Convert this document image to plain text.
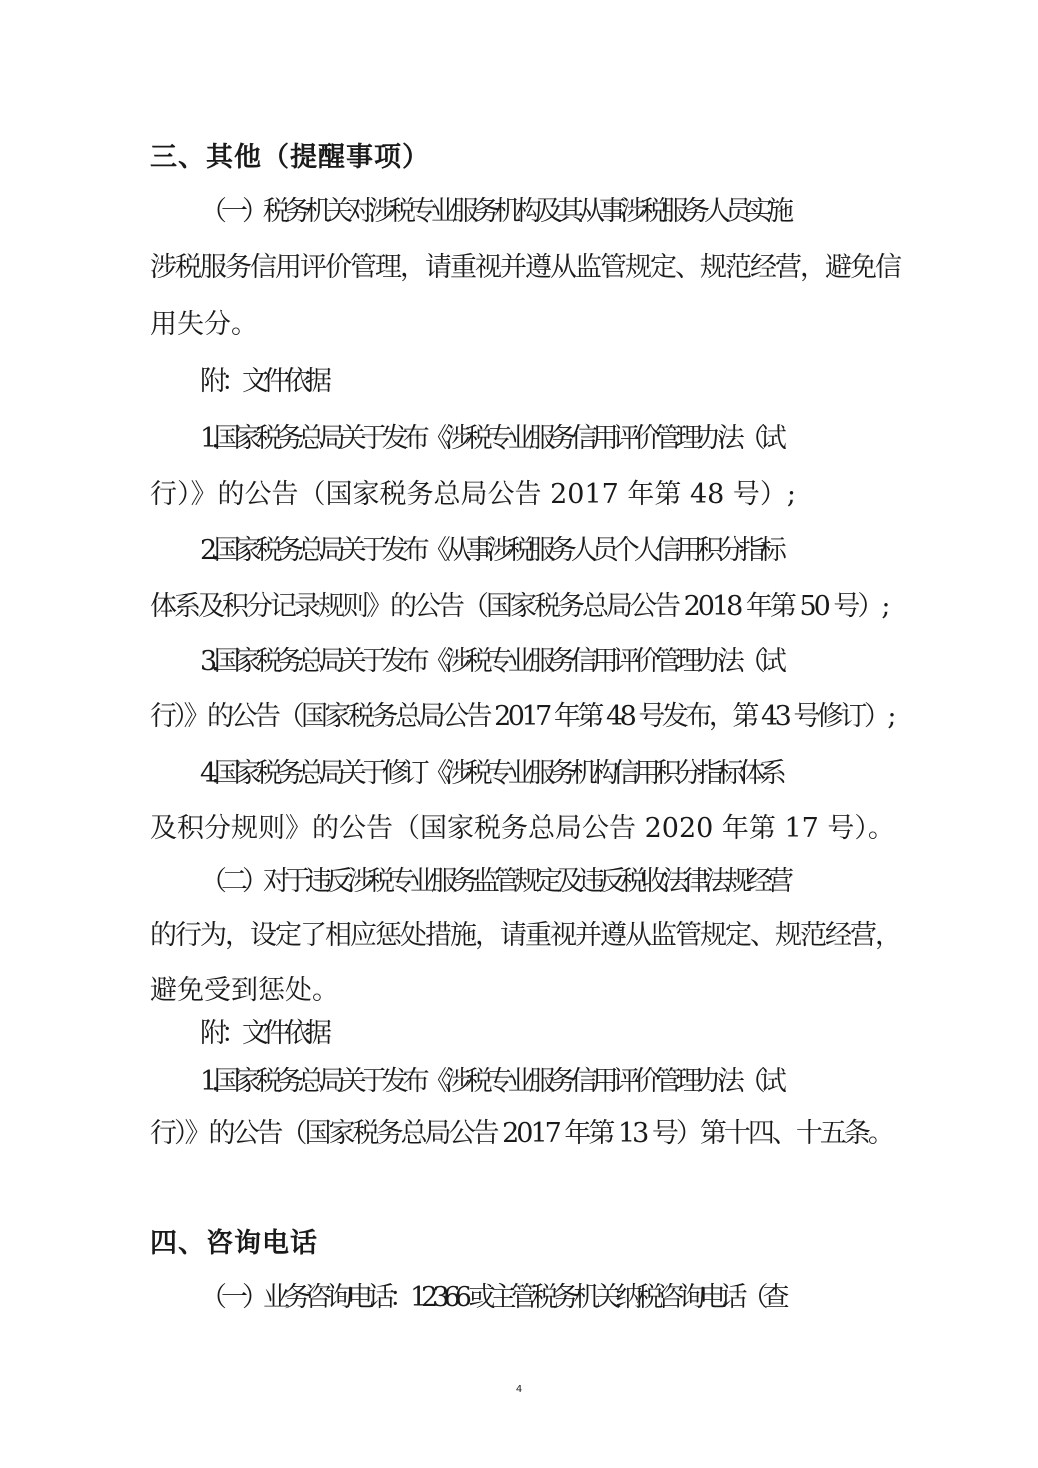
三、其他（提醒事项）
（一）税务机关对涉税专业服务机构及其从事涉税服务人员实施
涉税服务信用评价管理，请重视并遵从监管规定、规范经营，避免信
用失分。
附：文件依据
1.国家税务总局关于发布《涉税专业服务信用评价管理办法（试
行）》的公告（国家税务总局公告 2017 年第 48 号）;
2.国家税务总局关于发布《从事涉税服务人员个人信用积分指标
体系及积分记录规则》的公告（国家税务总局公告 2018 年第 50 号）;
3.国家税务总局关于发布《涉税专业服务信用评价管理办法（试
行）》的公告（国家税务总局公告 2017 年第 48 号发布，第 43 号修订）;
4.国家税务总局关于修订《涉税专业服务机构信用积分指标体系
及积分规则》的公告（国家税务总局公告 2020 年第 17 号）。
（二）对于违反涉税专业服务监管规定及违反税收法律法规经营
的行为，设定了相应惩处措施，请重视并遵从监管规定、规范经营，
避免受到惩处。
附：文件依据
1.国家税务总局关于发布《涉税专业服务信用评价管理办法（试
行）》的公告（国家税务总局公告 2017 年第 13 号）第十四、十五条。
四、咨询电话
（一）业务咨询电话：12366 或主管税务机关纳税咨询电话（查
4
